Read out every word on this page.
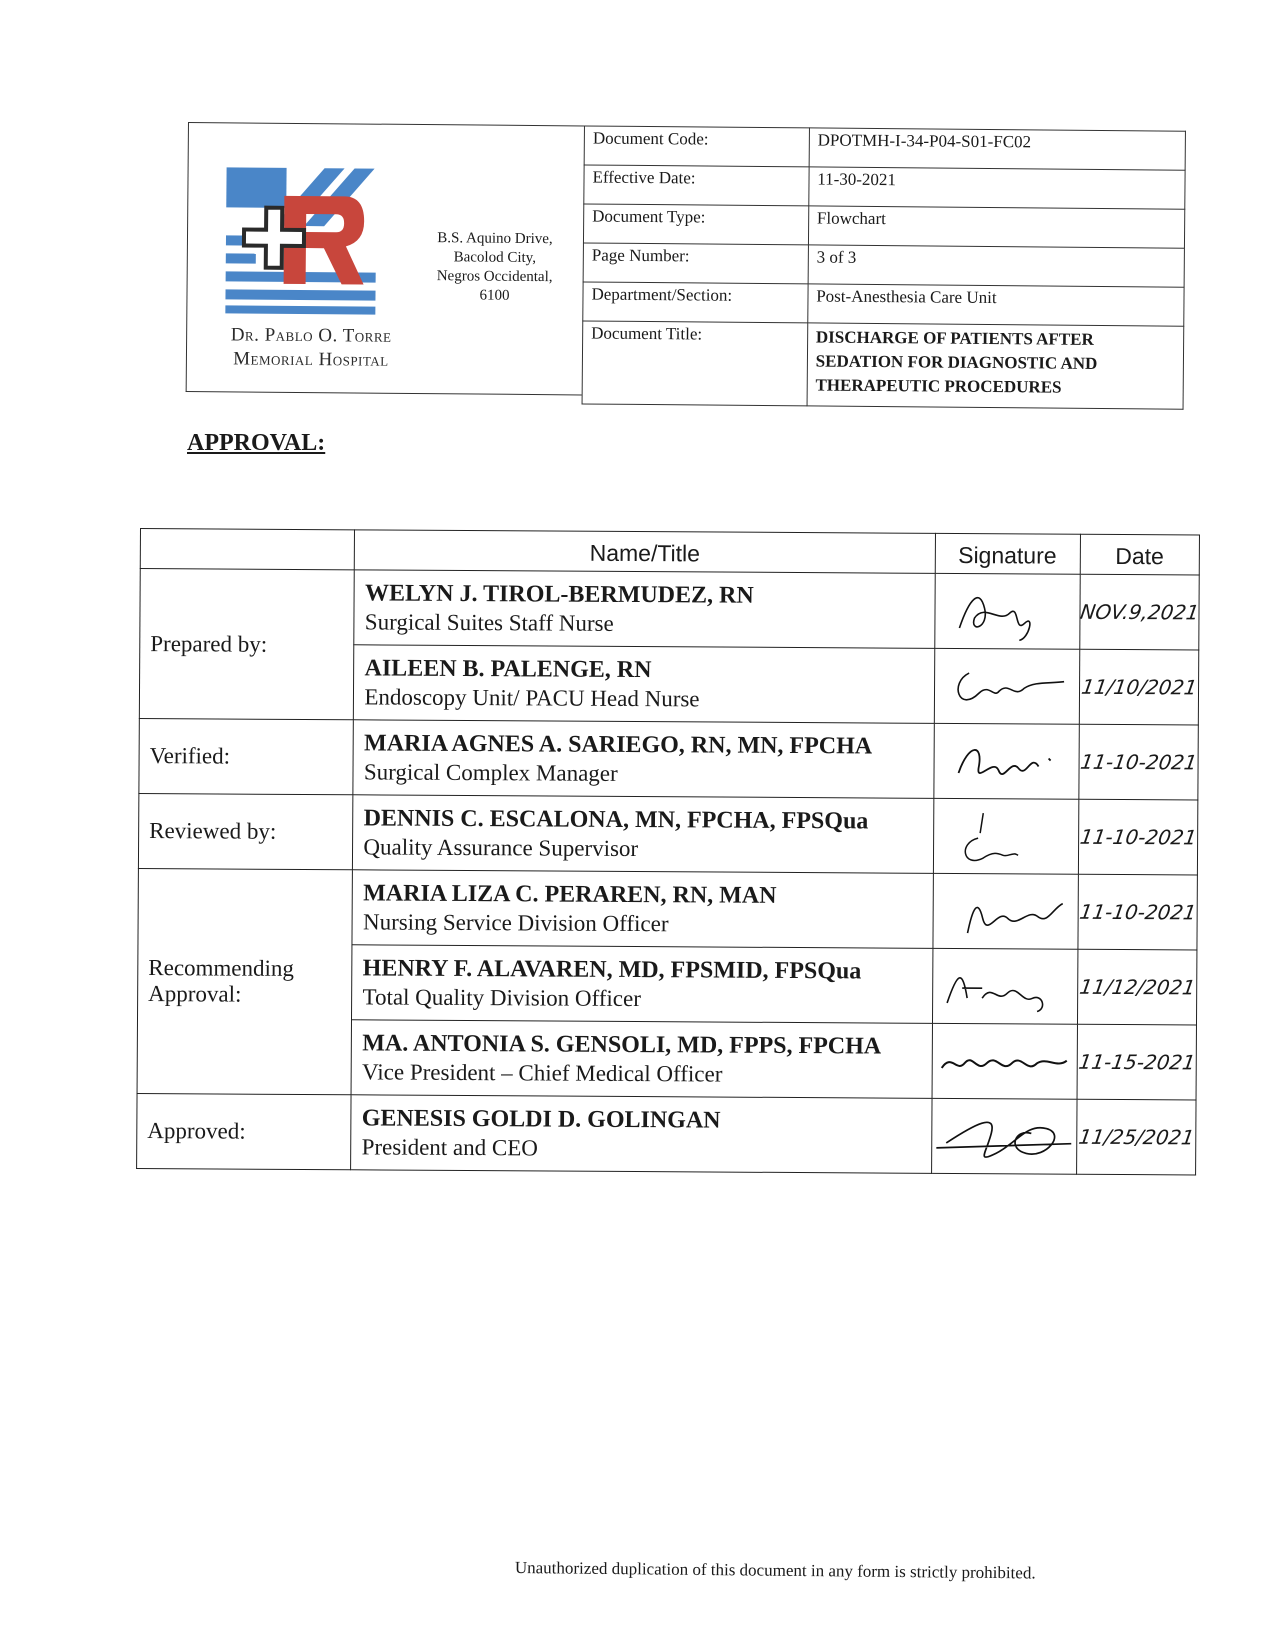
Dr. Pablo O. Torre
Memorial Hospital
B.S. Aquino Drive,
Bacolod City,
Negros Occidental,
6100
Document Code:	DPOTMH-I-34-P04-S01-FC02
Effective Date:	11-30-2021
Document Type:	Flowchart
Page Number:	3 of 3
Department/Section:	Post-Anesthesia Care Unit
Document Title:	DISCHARGE OF PATIENTS AFTER SEDATION FOR DIAGNOSTIC AND THERAPEUTIC PROCEDURES
APPROVAL:
	Name/Title	Signature	Date
Prepared by:	WELYN J. TIROL-BERMUDEZ, RN
Surgical Suites Staff Nurse		NOV.9,2021

	AILEEN B. PALENGE, RN
Endoscopy Unit/ PACU Head Nurse		11/10/2021

Verified:	MARIA AGNES A. SARIEGO, RN, MN, FPCHA
Surgical Complex Manager		11-10-2021

Reviewed by:	DENNIS C. ESCALONA, MN, FPCHA, FPSQua
Quality Assurance Supervisor		11-10-2021

Recommending Approval:	MARIA LIZA C. PERAREN, RN, MAN
Nursing Service Division Officer		11-10-2021

	HENRY F. ALAVAREN, MD, FPSMID, FPSQua
Total Quality Division Officer		11/12/2021

	MA. ANTONIA S. GENSOLI, MD, FPPS, FPCHA
Vice President – Chief Medical Officer		11-15-2021

Approved:	GENESIS GOLDI D. GOLINGAN
President and CEO		11/25/2021
Unauthorized duplication of this document in any form is strictly prohibited.
